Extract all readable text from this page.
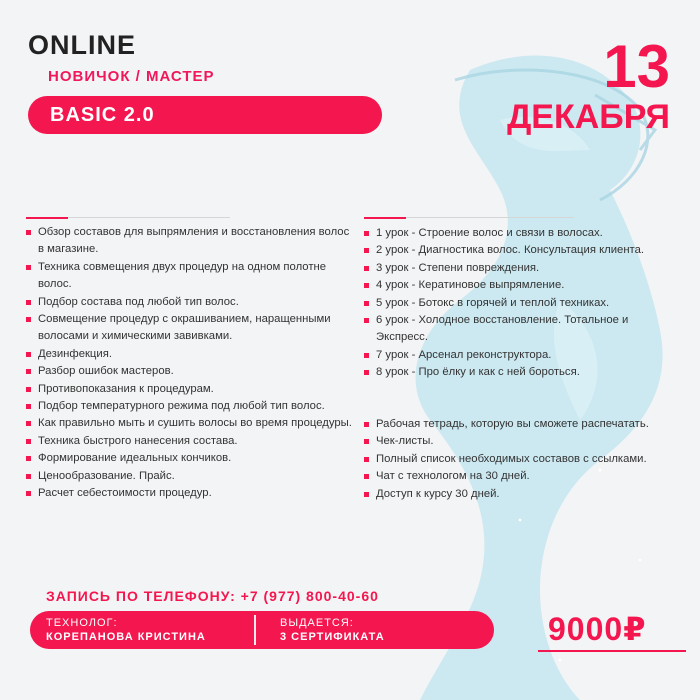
ONLINE
НОВИЧОК / МАСТЕР
BASIC 2.0
13
ДЕКАБРЯ
Обзор составов для выпрямления и восстановления волос в магазине.
Техника совмещения двух процедур на одном полотне волос.
Подбор состава под любой тип волос.
Совмещение процедур с окрашиванием, наращенными волосами и химическими завивками.
Дезинфекция.
Разбор ошибок мастеров.
Противопоказания к процедурам.
Подбор температурного режима под любой тип волос.
Как правильно мыть и сушить волосы во время процедуры.
Техника быстрого нанесения состава.
Формирование идеальных кончиков.
Ценообразование. Прайс.
Расчет себестоимости процедур.
1 урок - Строение волос и связи в волосах.
2 урок - Диагностика волос. Консультация клиента.
3 урок - Степени повреждения.
4 урок - Кератиновое выпрямление.
5 урок - Ботокс в горячей и теплой техниках.
6 урок - Холодное восстановление. Тотальное и Экспресс.
7 урок - Арсенал реконструктора.
8 урок - Про ёлку и как с ней бороться.
Рабочая тетрадь, которую вы сможете распечатать.
Чек-листы.
Полный список необходимых составов с ссылками.
Чат с технологом на 30 дней.
Доступ к курсу 30 дней.
ЗАПИСЬ ПО ТЕЛЕФОНУ: +7 (977) 800-40-60
ТЕХНОЛОГ:
КОРЕПАНОВА КРИСТИНА
ВЫДАЕТСЯ:
3 СЕРТИФИКАТА	9000₽
